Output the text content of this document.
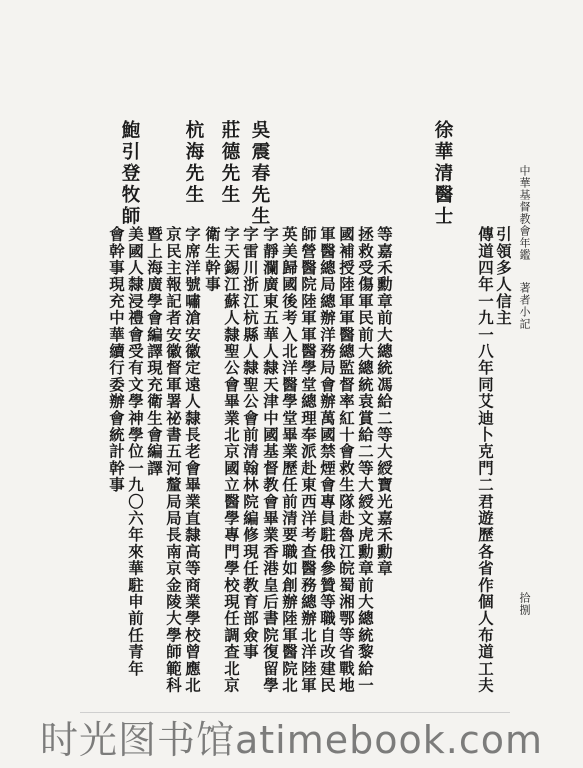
中華基督教會年鑑  著者小記
拾捌
徐華清醫士
傳道四年一九一八年同艾迪卜克門二君遊歷各省作個人布道工夫 引領多人信主
吳震春先生
字靜瀾廣東五華人隸天津中國基督教會畢業香港皇后書院復留學 英美歸國後考入北洋醫學堂畢業歷任前清要職如創辦陸軍醫院北 師營醫院陸軍軍醫學堂總理奉派赴東西洋考查醫務總辦北洋陸軍 軍醫總局總辦洋務局會辦萬國禁煙會專員駐俄參贊等職自改建民 國補授陸軍軍醫總監督率紅十會救生隊赴魯江皖蜀湘鄂等省戰地 拯救受傷軍民前大總統袁賞給二等大綬文虎勳章前大總統黎給一 等嘉禾勳章前大總統馮給二等大綬寶光嘉禾勳章
莊德先生
字雷川浙江杭縣人隸聖公會前清翰林院編修現任教育部僉事
字天錫江蘇人隸聖公會畢業北京國立醫學專門學校現任調查北京
衛生幹事
杭海先生
字席洋號嘯滄安徽定遠人隸長老會畢業直隸高等商業學校曾應北
京民主報記者安徽督軍署祕書五河釐局局長南京金陵大學師範科
暨上海廣學會編譯現充衛生會編譯
鮑引登牧師
美國人隸浸禮會受有文學神學位一九〇六年來華駐申前任青年
會幹事現充中華續行委辦會統計幹事
时光图书馆atimebook.com
